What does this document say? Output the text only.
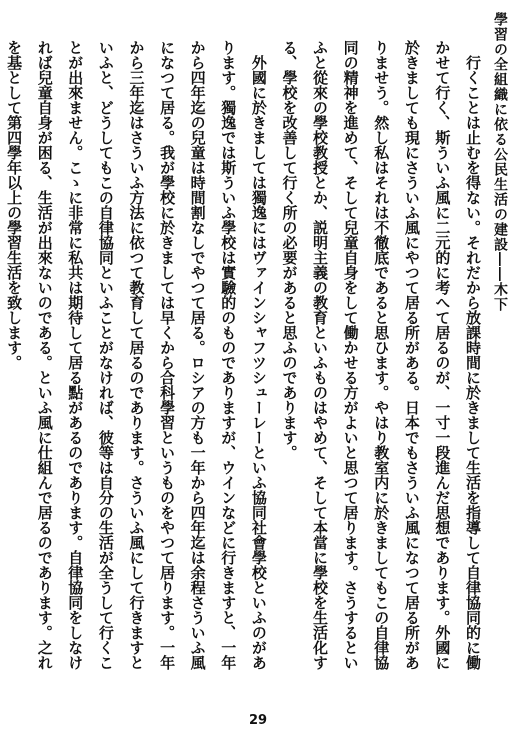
學習の全組織に依る公民生活の建設――木下

行くことは止むを得ない。それだから放課時間に於きまして生活を指導して自律協同的に働かせて行く、斯ういふ風に二元的に考へて居るのが、一寸一段進んだ思想であります。外國に於きましても現にさういふ風にやつて居る所がある。日本でもさういふ風になつて居る所がありませう。然し私はそれは不徹底であると思ひます。やはり教室内に於きましてもこの自律協同の精神を進めて、そして兒童自身をして働かせる方がよいと思つて居ります。さうするといふと從來の學校教授とか、説明主義の教育といふものはやめて、そして本當に學校を生活化する、學校を改善して行く所の必要があると思ふのであります。

外國に於きましては獨逸にはヴァインシャフツシューレーといふ協同社會學校といふのがあります。獨逸では斯ういふ學校は實驗的のものでありますが、ウインなどに行きますと、一年から四年迄の兒童は時間割なしでやつて居る。ロシアの方も一年から四年迄は余程さういふ風になつて居る。我が學校に於きましては早くから合科學習というものをやつて居ります。一年から三年迄はさういふ方法に依つて教育して居るのであります。さういふ風にして行きますといふと、どうしてもこの自律協同といふことがなければ、彼等は自分の生活が全うして行くことが出來ません。こゝに非常に私共は期待して居る點があるのであります。自律協同をしなければ兒童自身が困る、生活が出來ないのである。といふ風に仕組んで居るのであります。之れを基として第四學年以上の學習生活を致します。

29
